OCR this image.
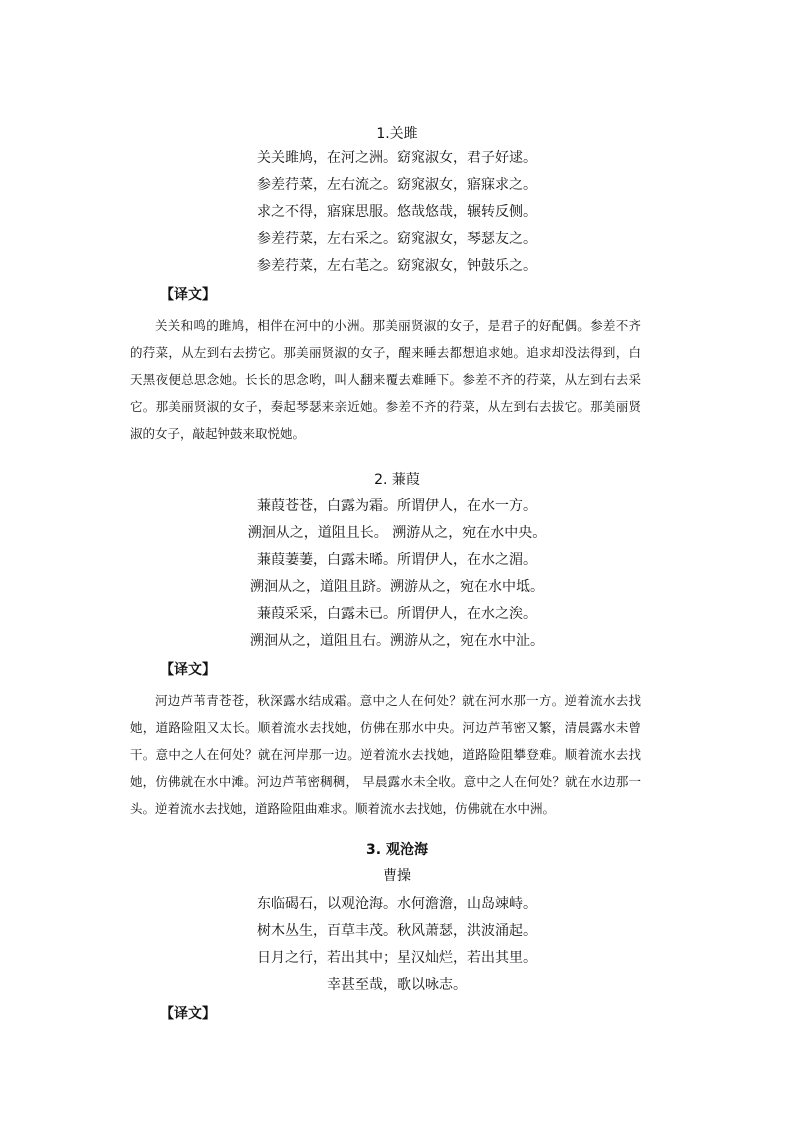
1.关雎

关关雎鸠，在河之洲。窈窕淑女，君子好逑。
参差荇菜，左右流之。窈窕淑女，寤寐求之。
求之不得，寤寐思服。悠哉悠哉，辗转反侧。
参差荇菜，左右采之。窈窕淑女，琴瑟友之。
参差荇菜，左右芼之。窈窕淑女，钟鼓乐之。

【译文】

关关和鸣的雎鸠，相伴在河中的小洲。那美丽贤淑的女子，是君子的好配偶。参差不齐的荇菜，从左到右去捞它。那美丽贤淑的女子，醒来睡去都想追求她。追求却没法得到，白天黑夜便总思念她。长长的思念哟，叫人翻来覆去难睡下。参差不齐的荇菜，从左到右去采它。那美丽贤淑的女子，奏起琴瑟来亲近她。参差不齐的荇菜，从左到右去拔它。那美丽贤淑的女子，敲起钟鼓来取悦她。

2. 蒹葭

蒹葭苍苍，白露为霜。所谓伊人，在水一方。
溯洄从之，道阻且长。 溯游从之，宛在水中央。
蒹葭萋萋，白露未晞。所谓伊人，在水之湄。
溯洄从之，道阻且跻。溯游从之，宛在水中坻。
蒹葭采采，白露未已。所谓伊人，在水之涘。
溯洄从之，道阻且右。溯游从之，宛在水中沚。

【译文】

河边芦苇青苍苍，秋深露水结成霜。意中之人在何处？就在河水那一方。逆着流水去找她，道路险阻又太长。顺着流水去找她，仿佛在那水中央。河边芦苇密又繁，清晨露水未曾干。意中之人在何处？就在河岸那一边。逆着流水去找她，道路险阻攀登难。顺着流水去找她，仿佛就在水中滩。河边芦苇密稠稠， 早晨露水未全收。意中之人在何处？就在水边那一头。逆着流水去找她，道路险阻曲难求。顺着流水去找她，仿佛就在水中洲。

3. 观沧海

曹操

东临碣石，以观沧海。水何澹澹，山岛竦峙。
树木丛生，百草丰茂。秋风萧瑟，洪波涌起。
日月之行，若出其中；星汉灿烂，若出其里。
幸甚至哉，歌以咏志。

【译文】
